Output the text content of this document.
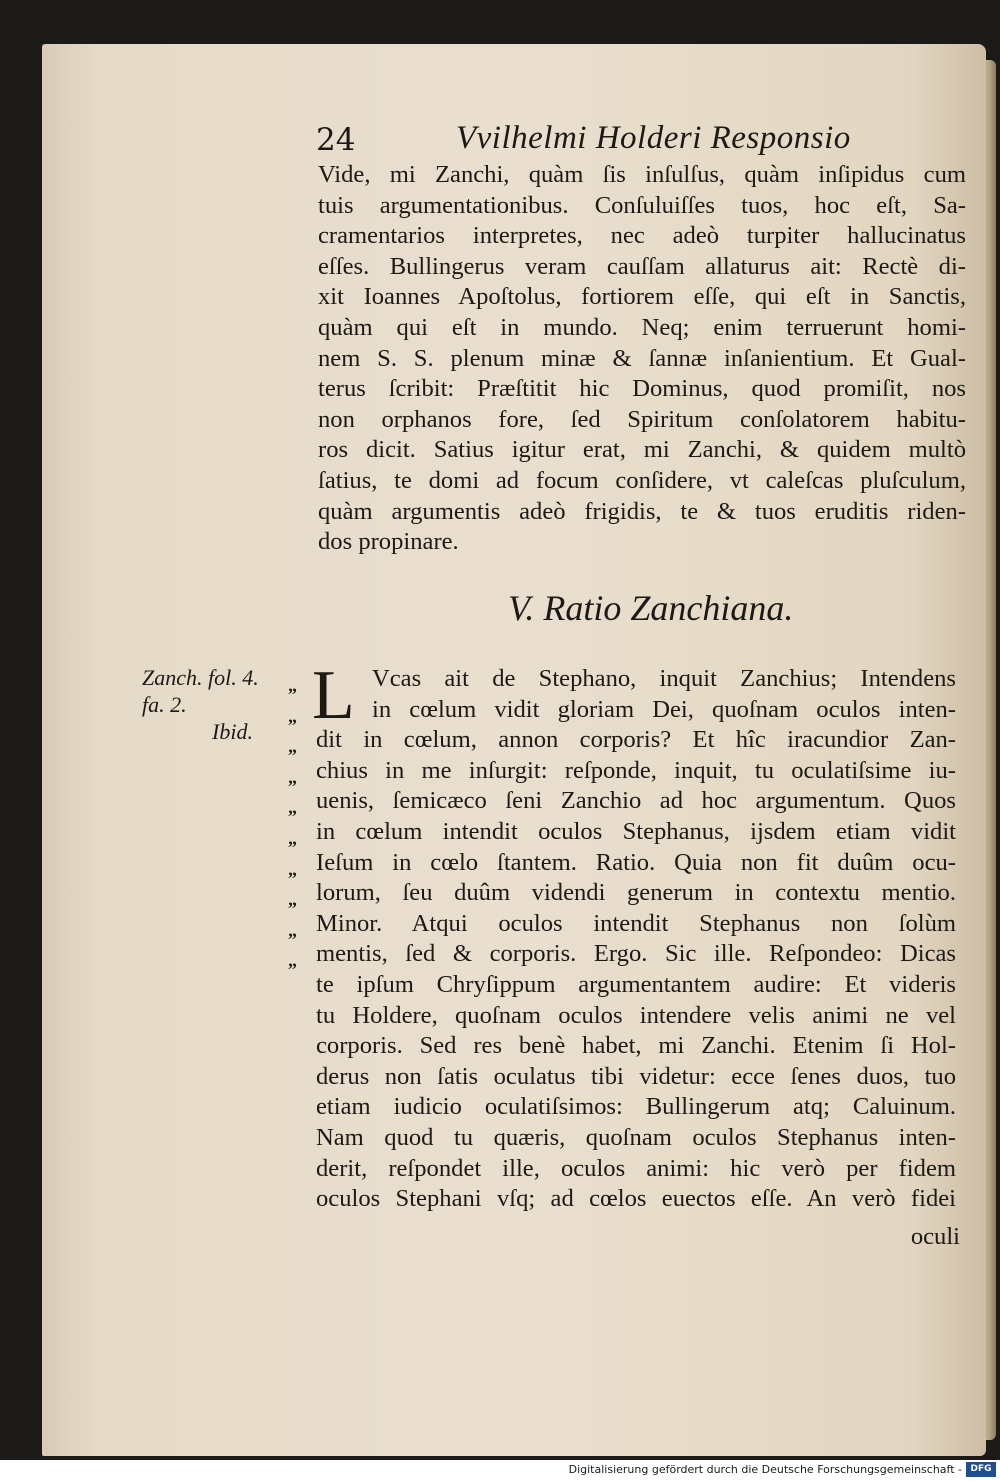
24	Vvilhelmi Holderi Responsio
Vide, mi Zanchi, quàm ſis inſulſus, quàm inſipidus cum
tuis argumentationibus. Conſuluiſſes tuos, hoc eſt, Sa-
cramentarios interpretes, nec adeò turpiter hallucinatus
eſſes. Bullingerus veram cauſſam allaturus ait: Rectè di-
xit Ioannes Apoſtolus, fortiorem eſſe, qui eſt in Sanctis,
quàm qui eſt in mundo. Neq; enim terruerunt homi-
nem S. S. plenum minæ & ſannæ inſanientium. Et Gual-
terus ſcribit: Præſtitit hic Dominus, quod promiſit, nos
non orphanos fore, ſed Spiritum conſolatorem habitu-
ros dicit. Satius igitur erat, mi Zanchi, & quidem multò
ſatius, te domi ad focum conſidere, vt caleſcas pluſculum,
quàm argumentis adeò frigidis, te & tuos eruditis riden-
dos propinare.
V. Ratio Zanchiana.
Zanch. fol. 4.
fa. 2.
Ibid.
„
„
„
„
„
„
„
„
„
„
L Vcas ait de Stephano, inquit Zanchius; Intendens
in cœlum vidit gloriam Dei, quoſnam oculos inten-
dit in cœlum, annon corporis? Et hîc iracundior Zan-
chius in me inſurgit: reſponde, inquit, tu oculatiſsime iu-
uenis, ſemicæco ſeni Zanchio ad hoc argumentum. Quos
in cœlum intendit oculos Stephanus, ijsdem etiam vidit
Ieſum in cœlo ſtantem. Ratio. Quia non fit duûm ocu-
lorum, ſeu duûm videndi generum in contextu mentio.
Minor. Atqui oculos intendit Stephanus non ſolùm
mentis, ſed & corporis. Ergo. Sic ille. Reſpondeo: Dicas
te ipſum Chryſippum argumentantem audire: Et videris
tu Holdere, quoſnam oculos intendere velis animi ne vel
corporis. Sed res benè habet, mi Zanchi. Etenim ſi Hol-
derus non ſatis oculatus tibi videtur: ecce ſenes duos, tuo
etiam iudicio oculatiſsimos: Bullingerum atq; Caluinum.
Nam quod tu quæris, quoſnam oculos Stephanus inten-
derit, reſpondet ille, oculos animi: hic verò per fidem
oculos Stephani vſq; ad cœlos euectos eſſe. An verò fidei
oculi
Digitalisierung gefördert durch die Deutsche Forschungsgemeinschaft - DFG
